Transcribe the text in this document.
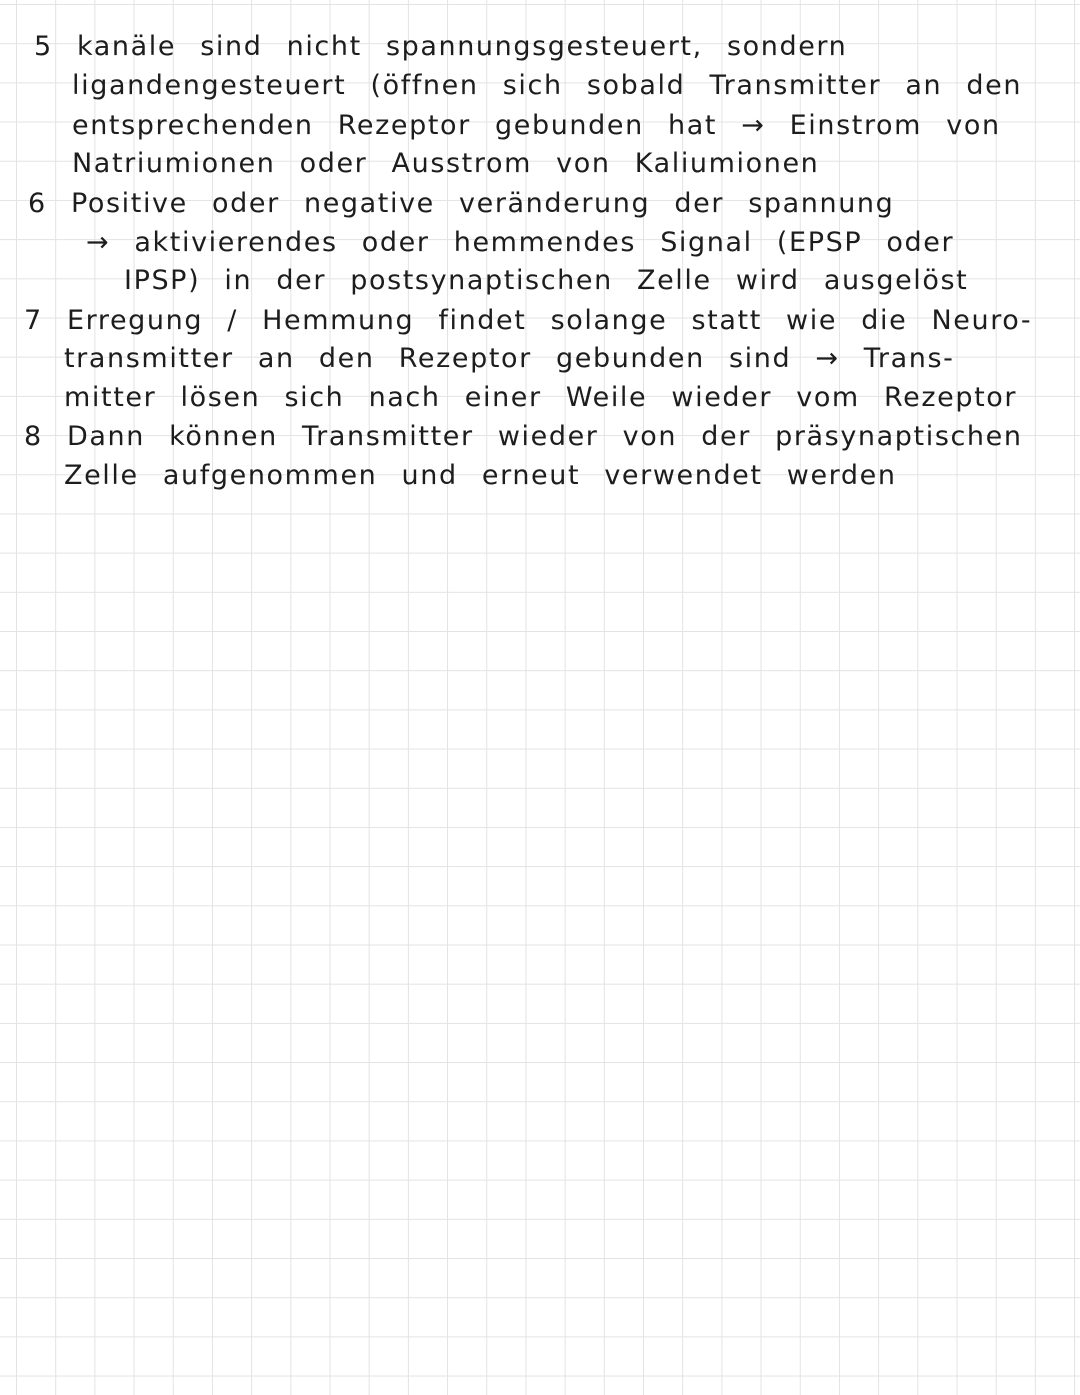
5 kanäle sind nicht spannungsgesteuert, sondern
ligandengesteuert (öffnen sich sobald Transmitter an den
entsprechenden Rezeptor gebunden hat → Einstrom von
Natriumionen oder Ausstrom von Kaliumionen
6 Positive oder negative veränderung der spannung
→ aktivierendes oder hemmendes Signal (EPSP oder
IPSP) in der postsynaptischen Zelle wird ausgelöst
7 Erregung / Hemmung findet solange statt wie die Neuro-
transmitter an den Rezeptor gebunden sind → Trans-
mitter lösen sich nach einer Weile wieder vom Rezeptor
8 Dann können Transmitter wieder von der präsynaptischen
Zelle aufgenommen und erneut verwendet werden
